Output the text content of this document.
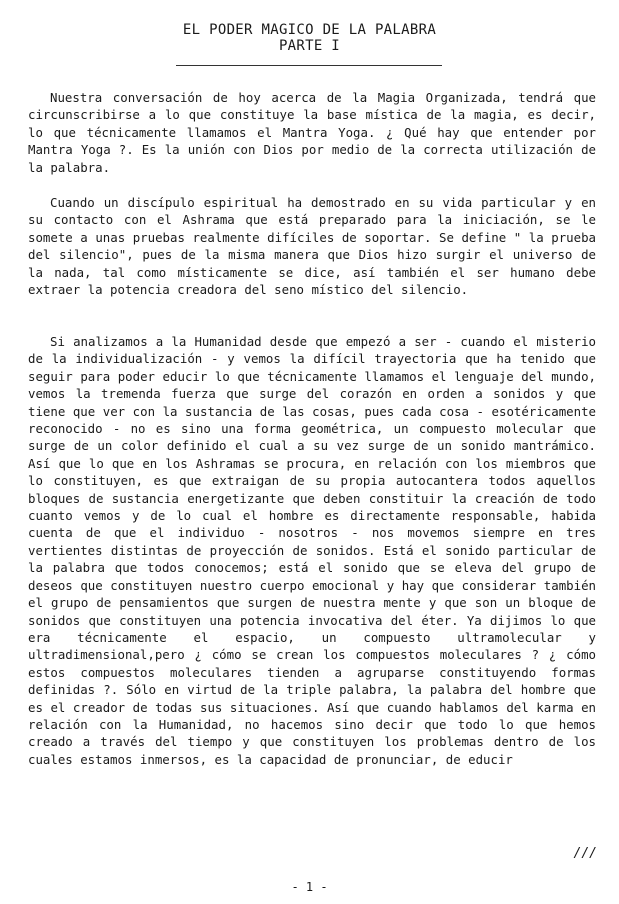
EL PODER MAGICO DE LA PALABRA
PARTE I

Nuestra conversación de hoy acerca de la Magia Organizada, tendrá que circunscribirse a lo que constituye la base mística de la magia, es decir, lo que técnicamente llamamos el Mantra Yoga. ¿ Qué hay que entender por Mantra Yoga ?. Es la unión con Dios por medio de la correcta utilización de la palabra.

Cuando un discípulo espiritual ha demostrado en su vida particular y en su contacto con el Ashrama que está preparado para la iniciación, se le somete a unas pruebas realmente difíciles de soportar. Se define " la prueba del silencio", pues de la misma manera que Dios hizo surgir el universo de la nada, tal como místicamente se dice, así también el ser humano debe extraer la potencia creadora del seno místico del silencio.

Si analizamos a la Humanidad desde que empezó a ser - cuando el misterio de la individualización - y vemos la difícil trayectoria que ha tenido que seguir para poder educir lo que técnicamente llamamos el lenguaje del mundo, vemos la tremenda fuerza que surge del corazón en orden a sonidos y que tiene que ver con la sustancia de las cosas, pues cada cosa - esotéricamente reconocido - no es sino una forma geométrica, un compuesto molecular que surge de un color definido el cual a su vez surge de un sonido mantrámico. Así que lo que en los Ashramas se procura, en relación con los miembros que lo constituyen, es que extraigan de su propia autocantera todos aquellos bloques de sustancia energetizante que deben constituir la creación de todo cuanto vemos y de lo cual el hombre es directamente responsable, habida cuenta de que el individuo - nosotros - nos movemos siempre en tres vertientes distintas de proyección de sonidos. Está el sonido particular de la palabra que todos conocemos; está el sonido que se eleva del grupo de deseos que constituyen nuestro cuerpo emocional y hay que considerar también el grupo de pensamientos que surgen de nuestra mente y que son un bloque de sonidos que constituyen una potencia invocativa del éter. Ya dijimos lo que era técnicamente el espacio, un compuesto ultramolecular y ultradimensional,pero ¿ cómo se crean los compuestos moleculares ? ¿ cómo estos compuestos moleculares tienden a agruparse constituyendo formas definidas ?. Sólo en virtud de la triple palabra, la palabra del hombre que es el creador de todas sus situaciones. Así que cuando hablamos del karma en relación con la Humanidad, no hacemos sino decir que todo lo que hemos creado a través del tiempo y que constituyen los problemas dentro de los cuales estamos inmersos, es la capacidad de pronunciar, de educir

///
- 1 -
